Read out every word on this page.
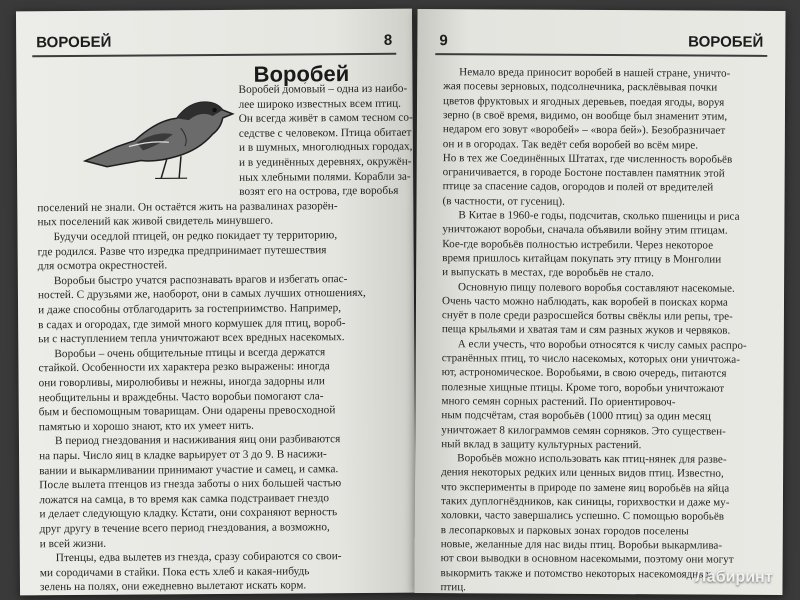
ВОРОБЕЙ	8
Воробей
Воробей домо́вый – одна из наибо-
лее широко известных всем птиц.
Он всегда живёт в самом тесном со-
седстве с человеком. Птица обитает
и в шумных, многолюдных городах,
и в уединённых деревнях, окружён-
ных хлебными полями. Корабли за-
возят его на острова, где воробья
поселений не знали. Он остаётся жить на развалинах разорён-
ных поселений как живой свидетель минувшего.
Будучи оседлой птицей, он редко покидает ту территорию,
где родился. Разве что изредка предпринимает путешествия
для осмотра окрестностей.
Воробьи быстро учатся распознавать врагов и избегать опас-
ностей. С друзьями же, наоборот, они в самых лучших отношениях,
и даже способны отблагодарить за гостеприимство. Например,
в садах и огородах, где зимой много кормушек для птиц, вороб-
ьи с наступлением тепла уничтожают всех вредных насекомых.
Воробьи – очень общительные птицы и всегда держатся
стайкой. Особенности их характера резко выражены: иногда
они говорливы, миролюбивы и нежны, иногда задорны или
необщительны и враждебны. Часто воробьи помогают сла-
бым и беспомощным товарищам. Они одарены превосходной
памятью и хорошо знают, кто их умеет нить.
В период гнездования и насиживания яиц они разбиваются
на пары. Число яиц в кладке варьирует от 3 до 9. В насижи-
вании и выкармливании принимают участие и самец, и самка.
После вылета птенцов из гнезда заботы о них большей частью
ложатся на самца, в то время как самка подстраивает гнездо
и делает следующую кладку. Кстати, они сохраняют верность
друг другу в течение всего период гнездования, а возможно,
и всей жизни.
Птенцы, едва вылетев из гнезда, сразу собираются со свои-
ми сородичами в стайки. Пока есть хлеб и какая-нибудь
зелень на полях, они ежедневно вылетают искать корм.
9	ВОРОБЕЙ
Немало вреда приносит воробей в нашей стране, уничто-
жая посевы зерновых, подсолнечника, расклёвывая почки
цветов фруктовых и ягодных деревьев, поедая ягоды, воруя
зерно (в своё время, видимо, он вообще был знаменит этим,
недаром его зовут «воробей» – «вора бей»). Безобразничает
он и в огородах. Так ведёт себя воробей во всём мире.
Но в тех же Соединённых Штатах, где численность воробьёв
ограничивается, в городе Бостоне поставлен памятник этой
птице за спасение садов, огородов и полей от вредителей
(в частности, от гусениц).
В Китае в 1960-е годы, подсчитав, сколько пшеницы и риса
уничтожают воробьи, сначала объявили войну этим птицам.
Кое-где воробьёв полностью истребили. Через некоторое
время пришлось китайцам покупать эту птицу в Монголии
и выпускать в местах, где воробьёв не стало.
Основную пищу полевого воробья составляют насекомые.
Очень часто можно наблюдать, как воробей в поисках корма
снуёт в поле среди разросшейся ботвы свёклы или репы, тре-
пеща крыльями и хватая там и сям разных жуков и червяков.
А если учесть, что воробьи относятся к числу самых распро-
странённых птиц, то число насекомых, которых они уничтожа-
ют, астрономическое. Воробьями, в свою очередь, питаются
полезные хищные птицы. Кроме того, воробьи уничтожают
много семян сорных растений. По ориентировоч-
ным подсчётам, стая воробьёв (1000 птиц) за один месяц
уничтожает 8 килограммов семян сорняков. Это существен-
ный вклад в защиту культурных растений.
Воробьёв можно использовать как птиц-нянек для разве-
дения некоторых редких или ценных видов птиц. Известно,
что эксперименты в природе по замене яиц воробьёв на яйца
таких дуплогнёздников, как синицы, горихвостки и даже му-
холовки, часто завершались успешно. С помощью воробьёв
в лесопарковых и парковых зонах городов поселены
новые, желанные для нас виды птиц. Воробьи выкармлива-
ют свои выводки в основном насекомыми, поэтому они могут
выкормить также и потомство некоторых насекомоядных
птиц.
Лабиринт
